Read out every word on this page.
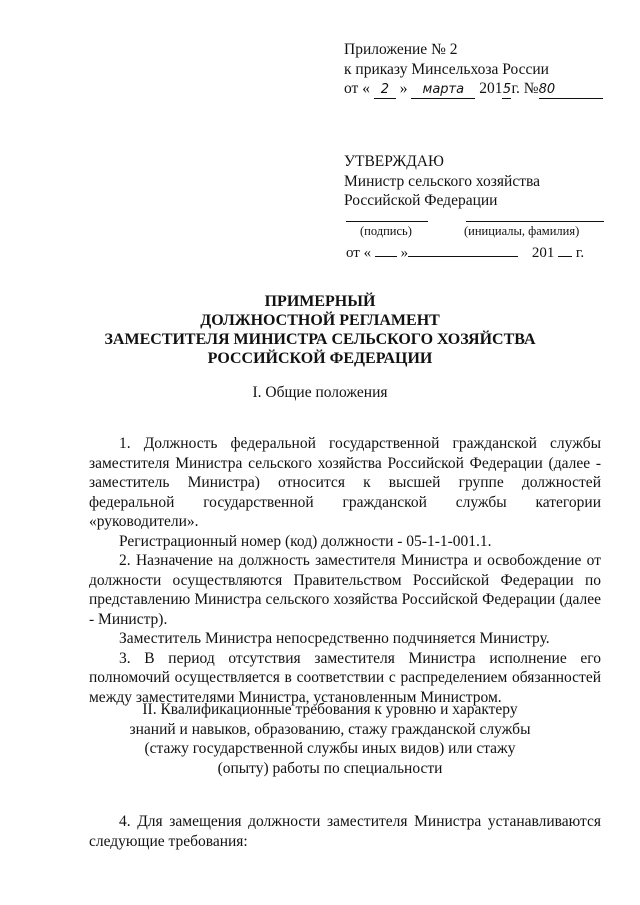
Приложение № 2
к приказу Минсельхоза России
от « 2 » марта 2015г. №80
УТВЕРЖДАЮ
Министр сельского хозяйства
Российской Федерации
(подпись)	(инициалы, фамилия)
от « »	201 г.
ПРИМЕРНЫЙ
ДОЛЖНОСТНОЙ РЕГЛАМЕНТ
ЗАМЕСТИТЕЛЯ МИНИСТРА СЕЛЬСКОГО ХОЗЯЙСТВА
РОССИЙСКОЙ ФЕДЕРАЦИИ
I. Общие положения

1. Должность федеральной государственной гражданской службы заместителя Министра сельского хозяйства Российской Федерации (далее - заместитель Министра) относится к высшей группе должностей федеральной государственной гражданской службы категории «руководители».

Регистрационный номер (код) должности - 05-1-1-001.1.

2. Назначение на должность заместителя Министра и освобождение от должности осуществляются Правительством Российской Федерации по представлению Министра сельского хозяйства Российской Федерации (далее - Министр).

Заместитель Министра непосредственно подчиняется Министру.

3. В период отсутствия заместителя Министра исполнение его полномочий осуществляется в соответствии с распределением обязанностей между заместителями Министра, установленным Министром.

II. Квалификационные требования к уровню и характеру
знаний и навыков, образованию, стажу гражданской службы
(стажу государственной службы иных видов) или стажу
(опыту) работы по специальности

4. Для замещения должности заместителя Министра устанавливаются следующие требования:
